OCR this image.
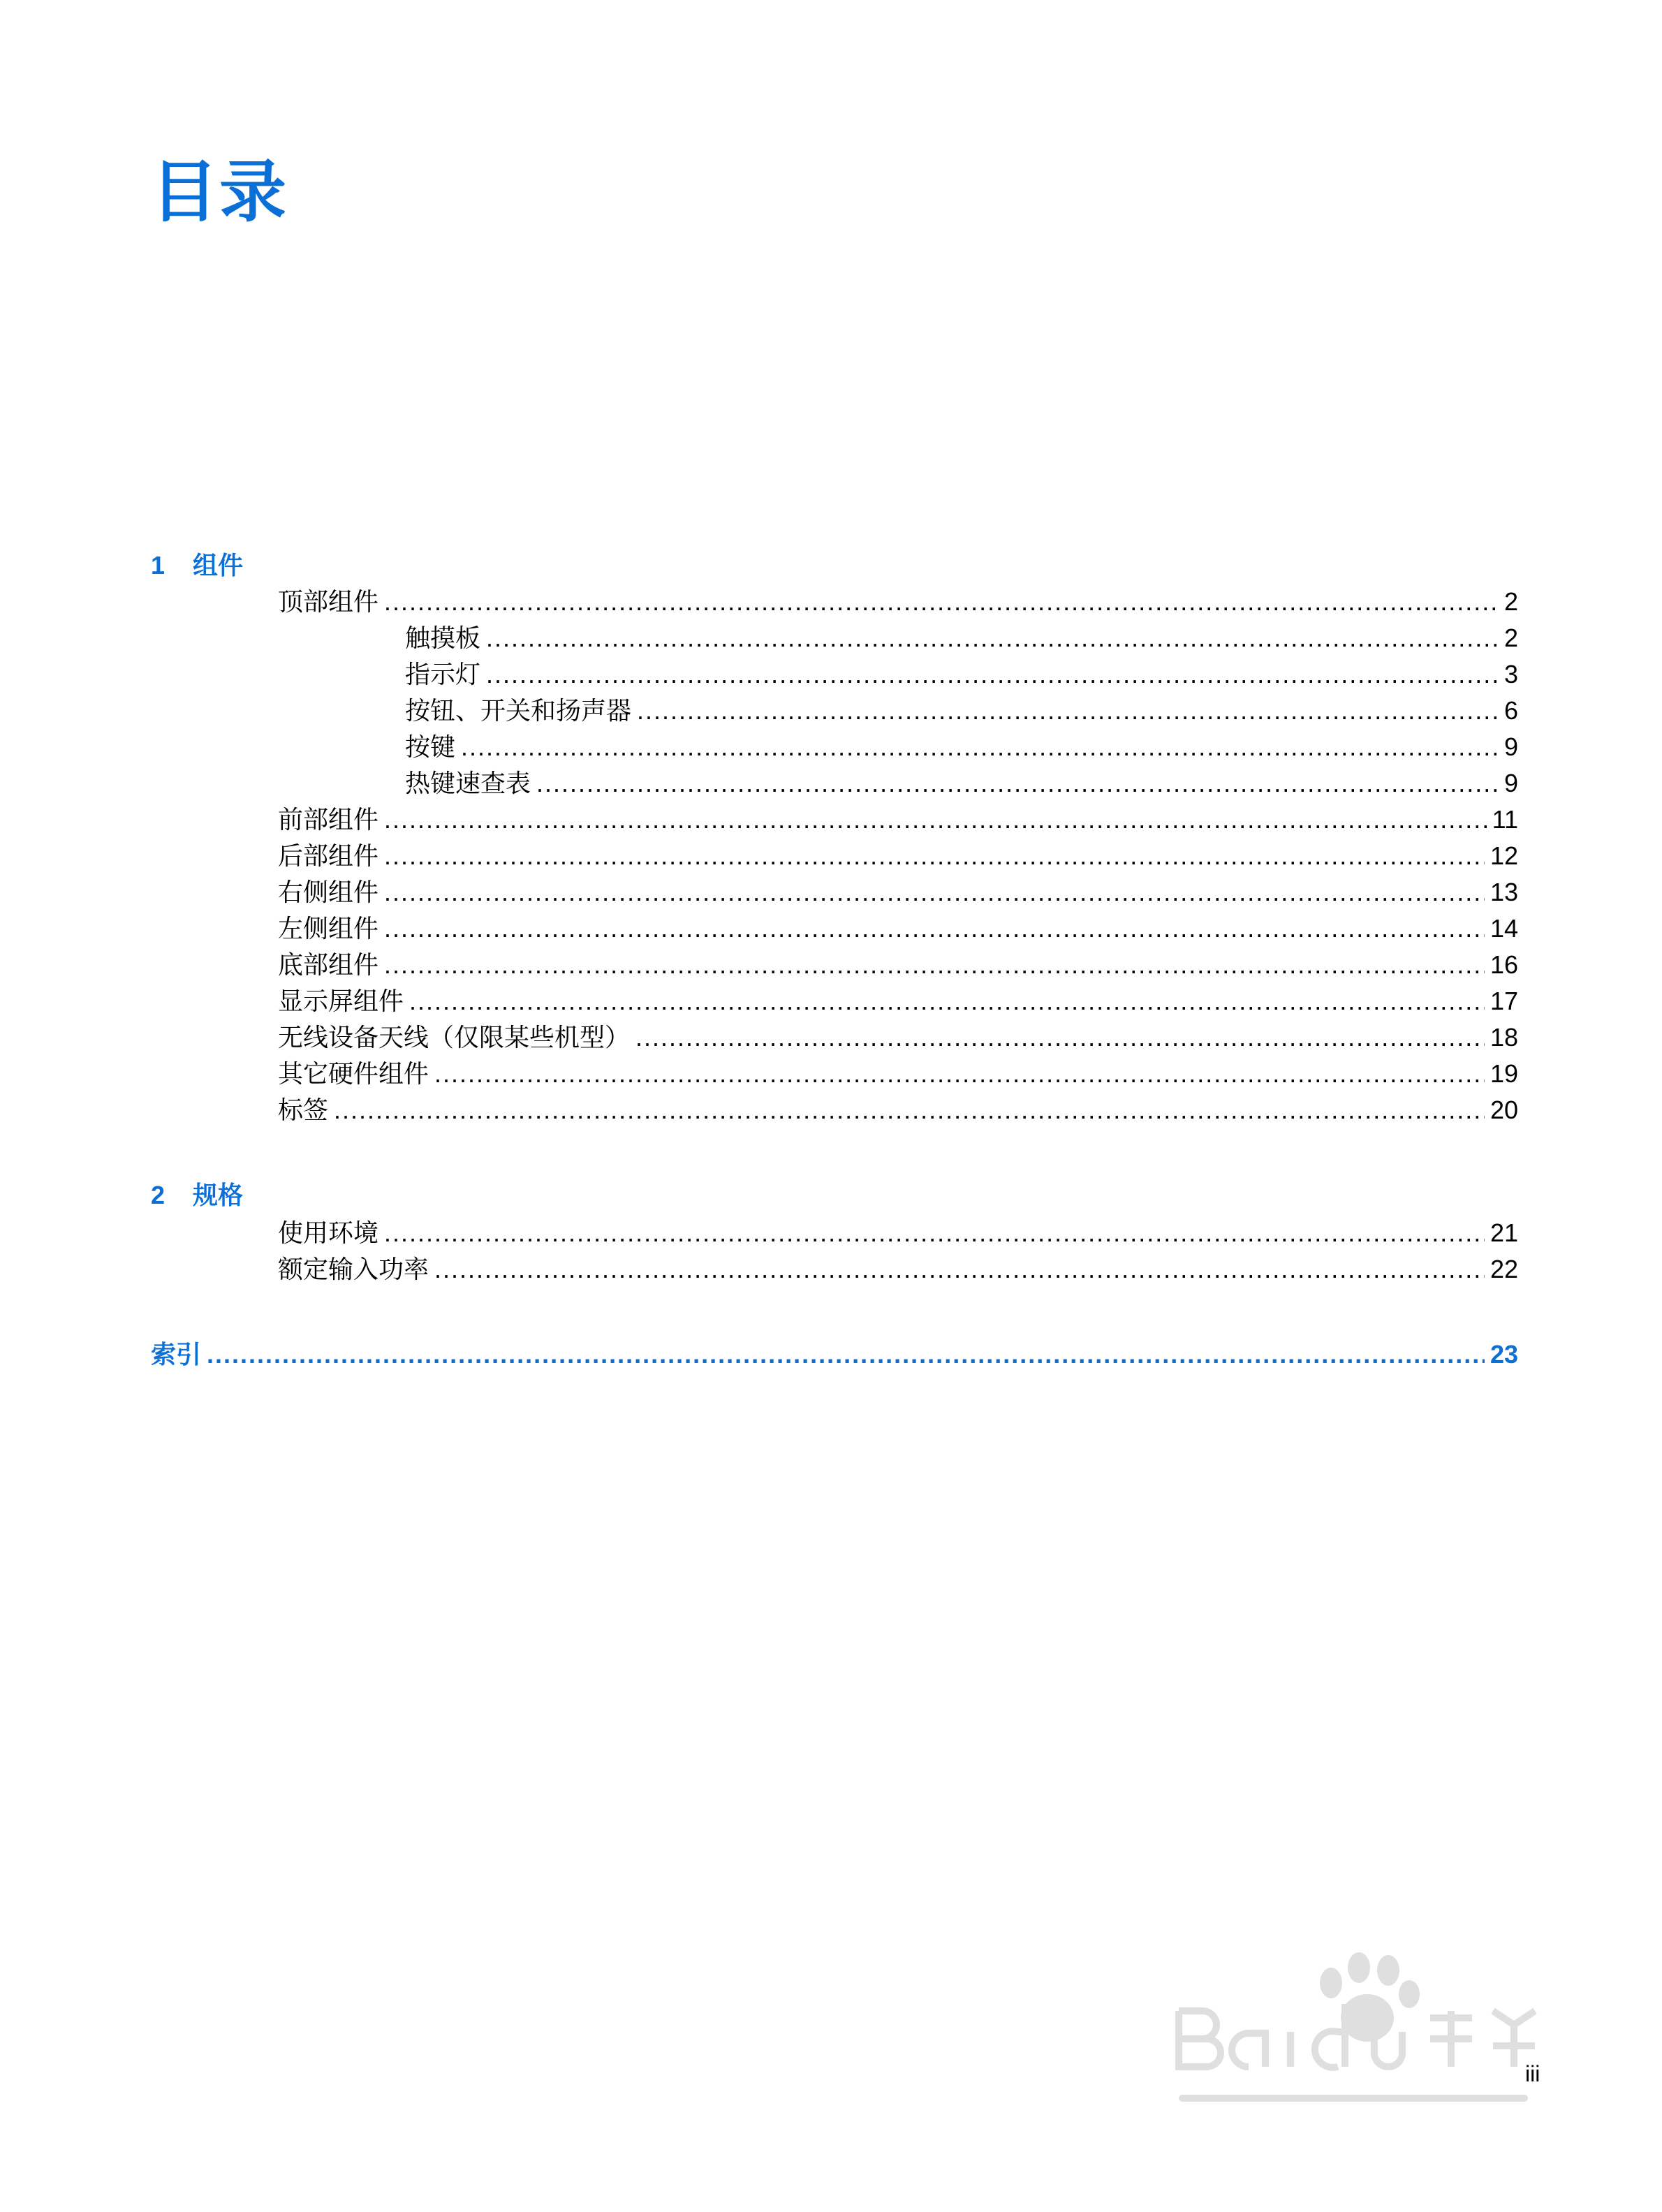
目录
1	组件
顶部组件 .....	2
触摸板 .....	2
指示灯 .....	3
按钮、开关和扬声器 .....	6
按键 .....	9
热键速查表 .....	9
前部组件 .....	11
后部组件 .....	12
右侧组件 .....	13
左侧组件 .....	14
底部组件 .....	16
显示屏组件 .....	17
无线设备天线（仅限某些机型） .....	18
其它硬件组件 .....	19
标签 .....	20
2	规格
使用环境 .....	21
额定输入功率 .....	22
索引 .....	23
iii
